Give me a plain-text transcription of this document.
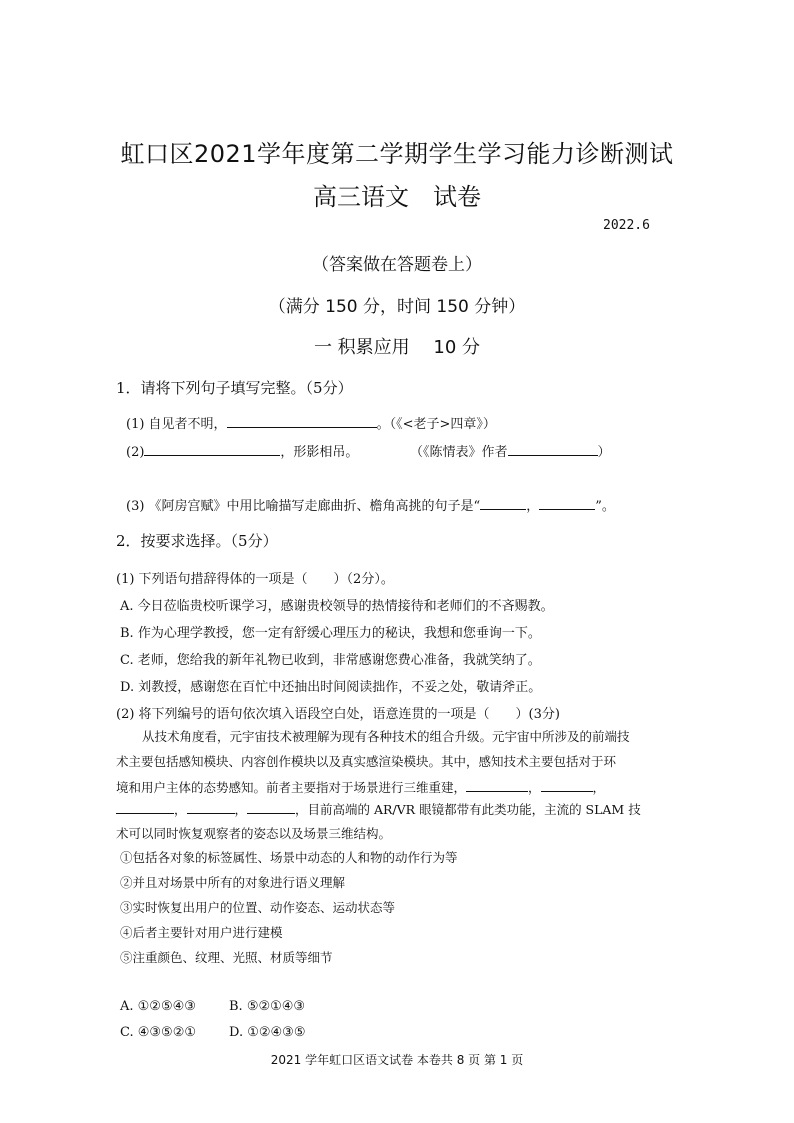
虹口区2021学年度第二学期学生学习能力诊断测试
高三语文　试卷
2022.6
（答案做在答题卷上）
（满分 150 分，时间 150 分钟）
一 积累应用　 10 分
1．请将下列句子填写完整。（5分）
(1) 自见者不明，	。（《<老子>四章》）
(2)	，形影相吊。	（《陈情表》作者	）
(3) 《阿房宫赋》中用比喻描写走廊曲折、檐角高挑的句子是“	，	”。
2．按要求选择。（5分）
(1) 下列语句措辞得体的一项是（　　）（2分）。
A. 今日莅临贵校听课学习，感谢贵校领导的热情接待和老师们的不吝赐教。
B. 作为心理学教授，您一定有舒缓心理压力的秘诀，我想和您垂询一下。
C. 老师，您给我的新年礼物已收到，非常感谢您费心准备，我就笑纳了。
D. 刘教授，感谢您在百忙中还抽出时间阅读拙作，不妥之处，敬请斧正。
(2) 将下列编号的语句依次填入语段空白处，语意连贯的一项是（　　）(3分)
从技术角度看，元宇宙技术被理解为现有各种技术的组合升级。元宇宙中所涉及的前端技
术主要包括感知模块、内容创作模块以及真实感渲染模块。其中，感知技术主要包括对于环
境和用户主体的态势感知。前者主要指对于场景进行三维重建，	，	，
，	，	，目前高端的 AR/VR 眼镜都带有此类功能，主流的 SLAM 技
术可以同时恢复观察者的姿态以及场景三维结构。
①包括各对象的标签属性、场景中动态的人和物的动作行为等
②并且对场景中所有的对象进行语义理解
③实时恢复出用户的位置、动作姿态、运动状态等
④后者主要针对用户进行建模
⑤注重颜色、纹理、光照、材质等细节
A. ①②⑤④③	B. ⑤②①④③
C. ④③⑤②①	D. ①②④③⑤
2021 学年虹口区语文试卷 本卷共 8 页 第 1 页
